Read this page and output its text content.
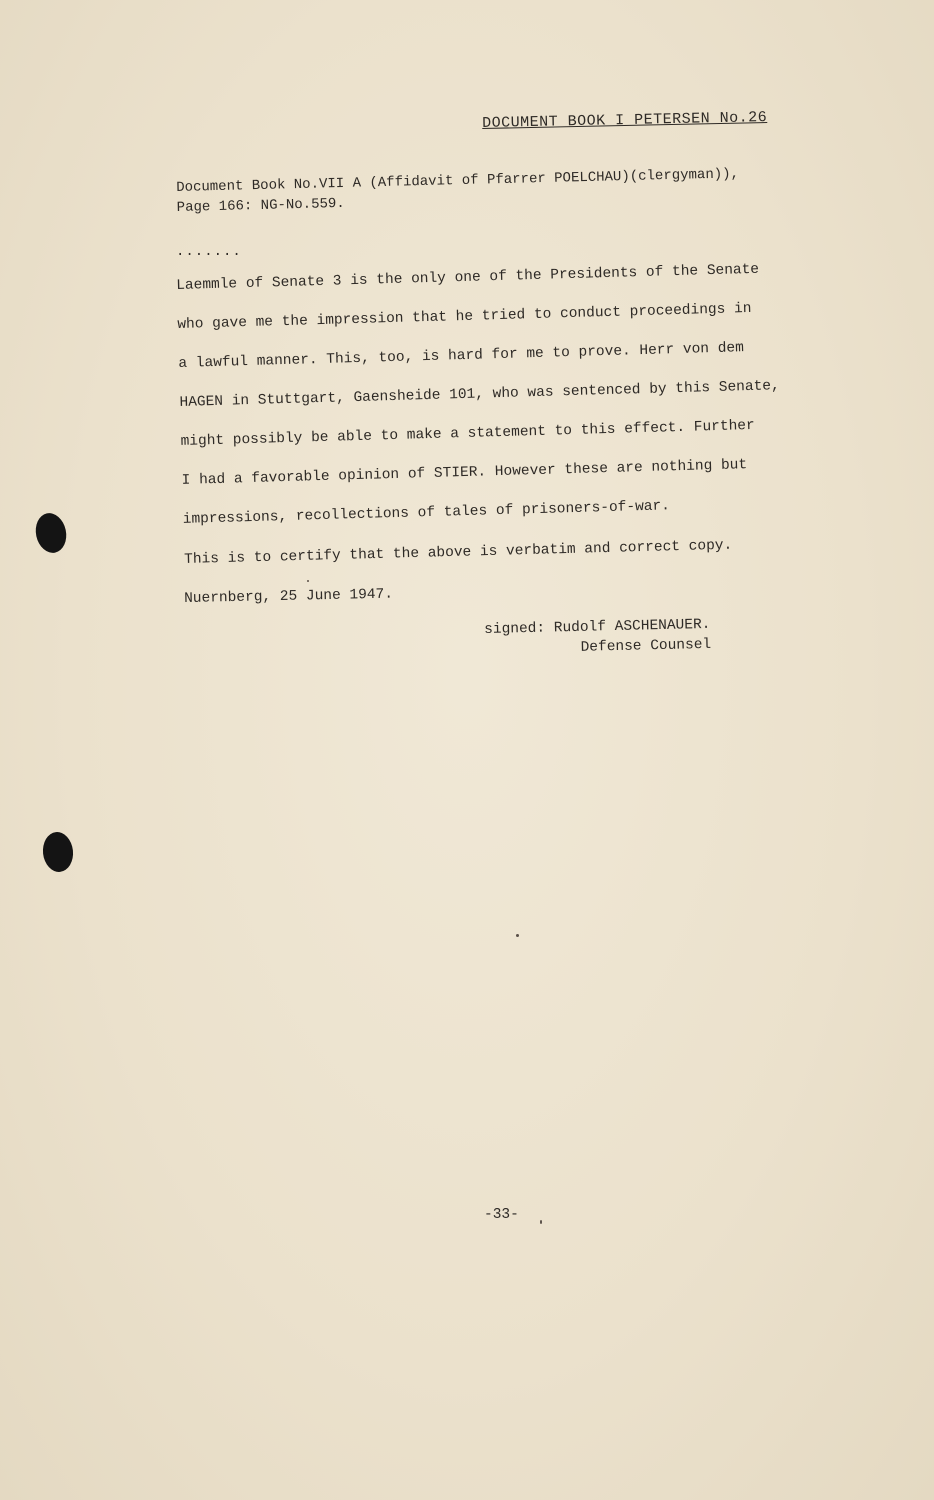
DOCUMENT BOOK I PETERSEN No.26
Document Book No.VII A (Affidavit of Pfarrer POELCHAU)(clergyman)),
Page 166: NG-No.559.
.......
Laemmle of Senate 3 is the only one of the Presidents of the Senate
who gave me the impression that he tried to conduct proceedings in
a lawful manner. This, too, is hard for me to prove. Herr von dem
HAGEN in Stuttgart, Gaensheide 101, who was sentenced by this Senate,
might possibly be able to make a statement to this effect. Further
I had a favorable opinion of STIER. However these are nothing but
impressions, recollections of tales of prisoners-of-war.
This is to certify that the above is verbatim and correct copy.
Nuernberg, 25 June 1947.
signed: Rudolf ASCHENAUER.
Defense Counsel
-33-
